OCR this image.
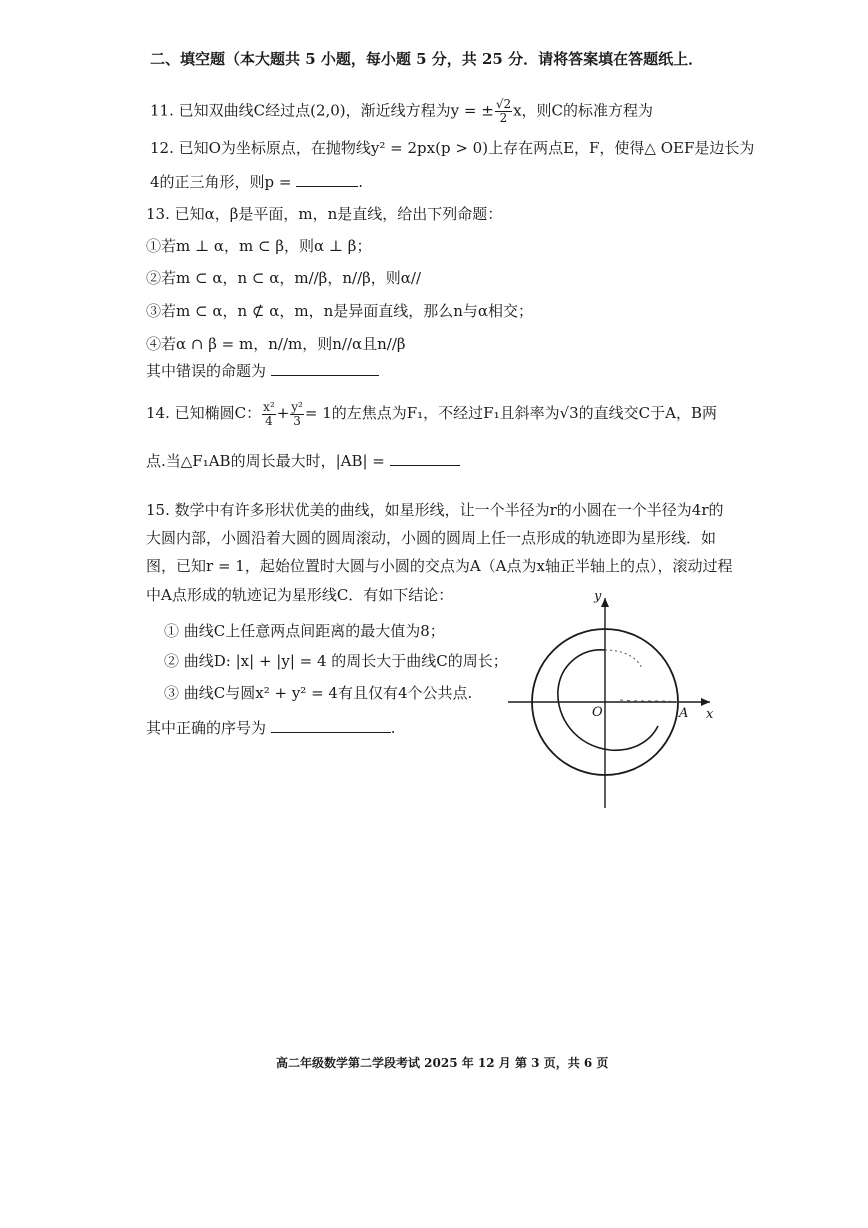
二、填空题（本大题共 5 小题，每小题 5 分，共 25 分．请将答案填在答题纸上．
11. 已知双曲线C经过点(2,0)，渐近线方程为y = ± $\frac{√2}{2}$ x，则C的标准方程为
12. 已知O为坐标原点，在抛物线y² = 2px(p > 0)上存在两点E，F，使得△ OEF是边长为
4的正三角形，则p =	.
13. 已知α，β是平面，m，n是直线，给出下列命题：
①若m ⊥ α，m ⊂ β，则α ⊥ β；
②若m ⊂ α，n ⊂ α，m//β，n//β，则α//
③若m ⊂ α，n ⊄ α，m，n是异面直线，那么n与α相交；
④若α ∩ β = m，n//m，则n//α且n//β
其中错误的命题为
14. 已知椭圆C： $\frac{\text{x²}}{4} + \frac{\text{y²}}{3} = 1$的左焦点为F₁，不经过F₁且斜率为√3的直线交C于A，B两
点.当△F₁AB的周长最大时，|AB| =
15. 数学中有许多形状优美的曲线，如星形线，让一个半径为r的小圆在一个半径为4r的
大圆内部，小圆沿着大圆的圆周滚动，小圆的圆周上任一点形成的轨迹即为星形线．如
图，已知r = 1，起始位置时大圆与小圆的交点为A（A点为x轴正半轴上的点），滚动过程
中A点形成的轨迹记为星形线C．有如下结论：
① 曲线C上任意两点间距离的最大值为8；
② 曲线D: |x| + |y| = 4 的周长大于曲线C的周长；
③ 曲线C与圆x² + y² = 4有且仅有4个公共点.
其中正确的序号为	.
y
x
O	A
高二年级数学第二学段考试 2025 年 12 月 第 3 页，共 6 页
